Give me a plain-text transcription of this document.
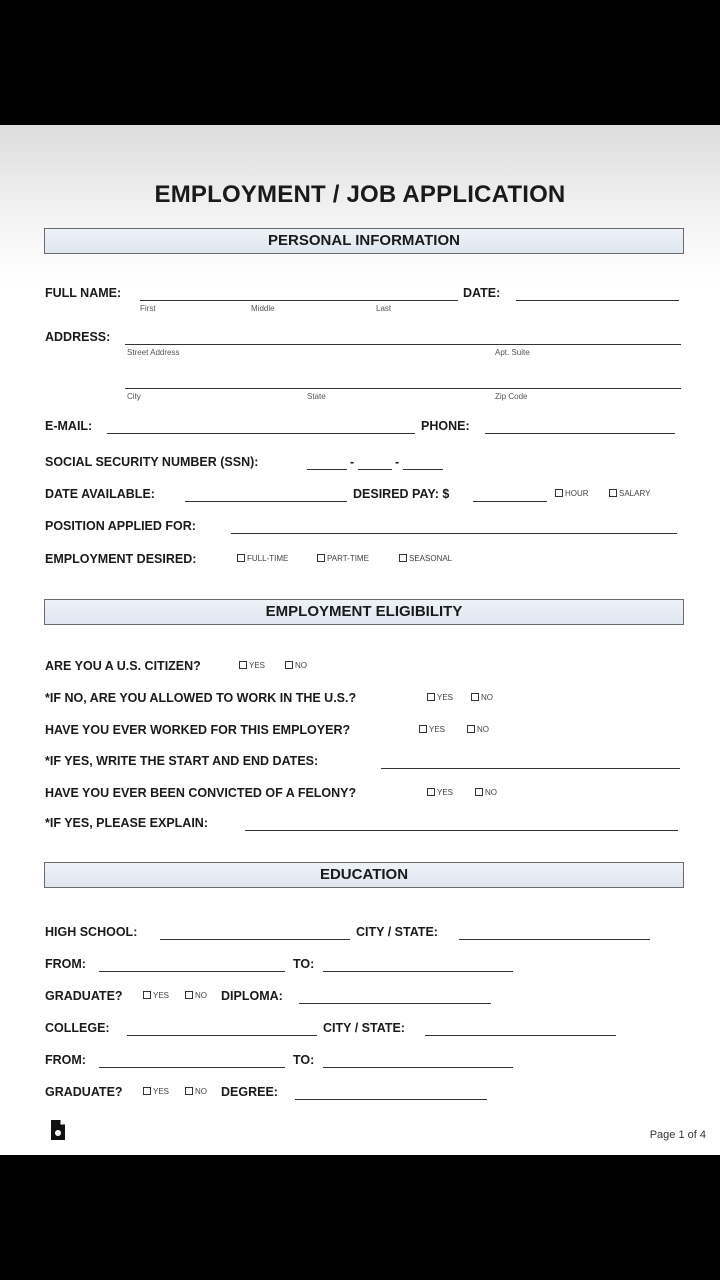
EMPLOYMENT / JOB APPLICATION
PERSONAL INFORMATION
FULL NAME:
First	Middle	Last
DATE:
ADDRESS:
Street Address	Apt. Suite
City	State	Zip Code
E-MAIL:	PHONE:
SOCIAL SECURITY NUMBER (SSN):	-	-
DATE AVAILABLE:	DESIRED PAY: $	HOUR	SALARY
POSITION APPLIED FOR:
EMPLOYMENT DESIRED:	FULL-TIME	PART-TIME	SEASONAL
EMPLOYMENT ELIGIBILITY
ARE YOU A U.S. CITIZEN?	YES	NO
*IF NO, ARE YOU ALLOWED TO WORK IN THE U.S.?	YES	NO
HAVE YOU EVER WORKED FOR THIS EMPLOYER?	YES	NO
*IF YES, WRITE THE START AND END DATES:
HAVE YOU EVER BEEN CONVICTED OF A FELONY?	YES	NO
*IF YES, PLEASE EXPLAIN:
EDUCATION
HIGH SCHOOL:	CITY / STATE:
FROM:	TO:
GRADUATE?	YES	NO DIPLOMA:
COLLEGE:	CITY / STATE:
FROM:	TO:
GRADUATE?	YES	NO DEGREE:
Page 1 of 4
